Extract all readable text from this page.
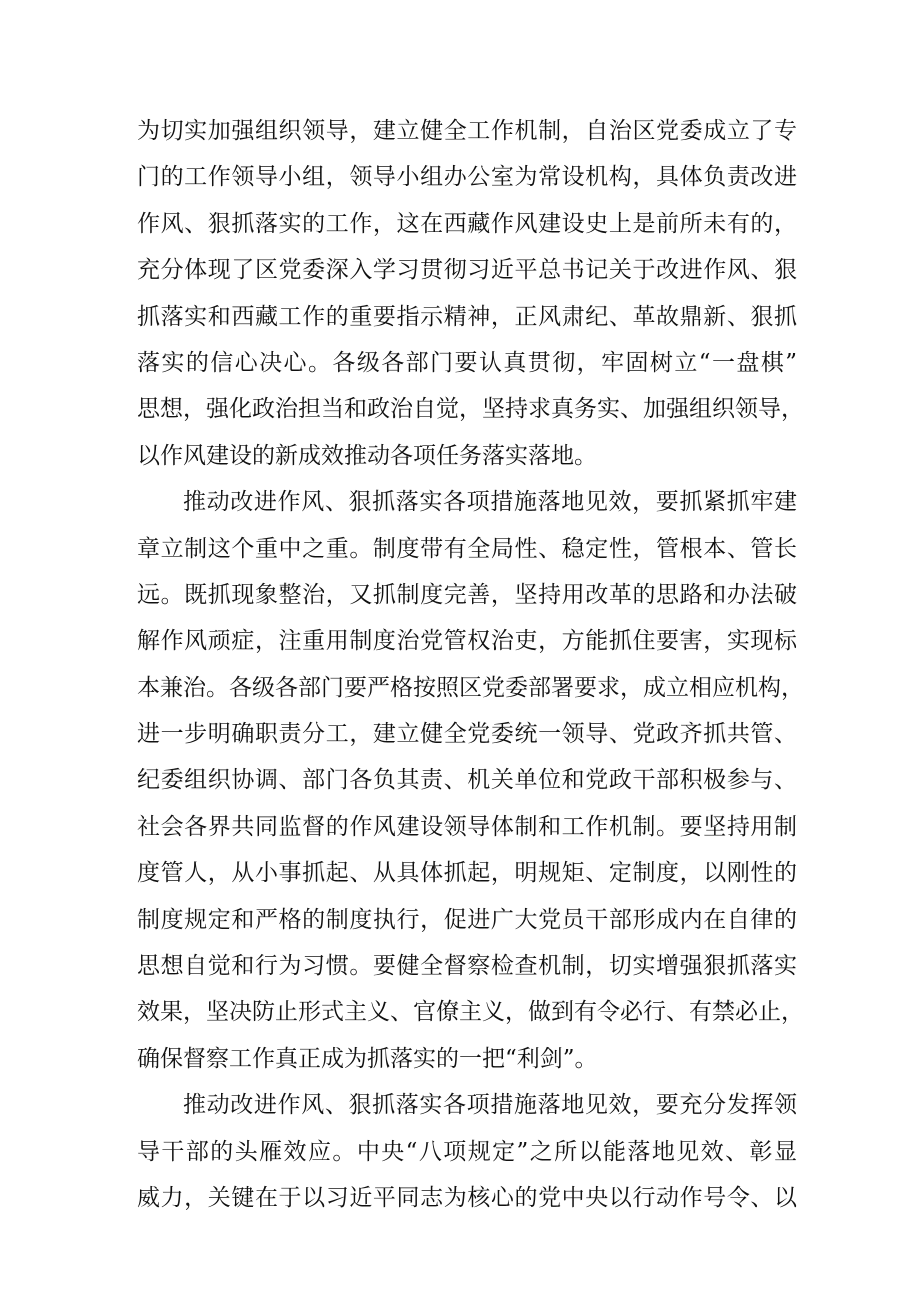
为切实加强组织领导，建立健全工作机制，自治区党委成立了专
门的工作领导小组，领导小组办公室为常设机构，具体负责改进
作风、狠抓落实的工作，这在西藏作风建设史上是前所未有的，
充分体现了区党委深入学习贯彻习近平总书记关于改进作风、狠
抓落实和西藏工作的重要指示精神，正风肃纪、革故鼎新、狠抓
落实的信心决心。各级各部门要认真贯彻，牢固树立“一盘棋”
思想，强化政治担当和政治自觉，坚持求真务实、加强组织领导，
以作风建设的新成效推动各项任务落实落地。
推动改进作风、狠抓落实各项措施落地见效，要抓紧抓牢建
章立制这个重中之重。制度带有全局性、稳定性，管根本、管长
远。既抓现象整治，又抓制度完善，坚持用改革的思路和办法破
解作风顽症，注重用制度治党管权治吏，方能抓住要害，实现标
本兼治。各级各部门要严格按照区党委部署要求，成立相应机构，
进一步明确职责分工，建立健全党委统一领导、党政齐抓共管、
纪委组织协调、部门各负其责、机关单位和党政干部积极参与、
社会各界共同监督的作风建设领导体制和工作机制。要坚持用制
度管人，从小事抓起、从具体抓起，明规矩、定制度，以刚性的
制度规定和严格的制度执行，促进广大党员干部形成内在自律的
思想自觉和行为习惯。要健全督察检查机制，切实增强狠抓落实
效果，坚决防止形式主义、官僚主义，做到有令必行、有禁必止，
确保督察工作真正成为抓落实的一把“利剑”。
推动改进作风、狠抓落实各项措施落地见效，要充分发挥领
导干部的头雁效应。中央“八项规定”之所以能落地见效、彰显
威力，关键在于以习近平同志为核心的党中央以行动作号令、以
